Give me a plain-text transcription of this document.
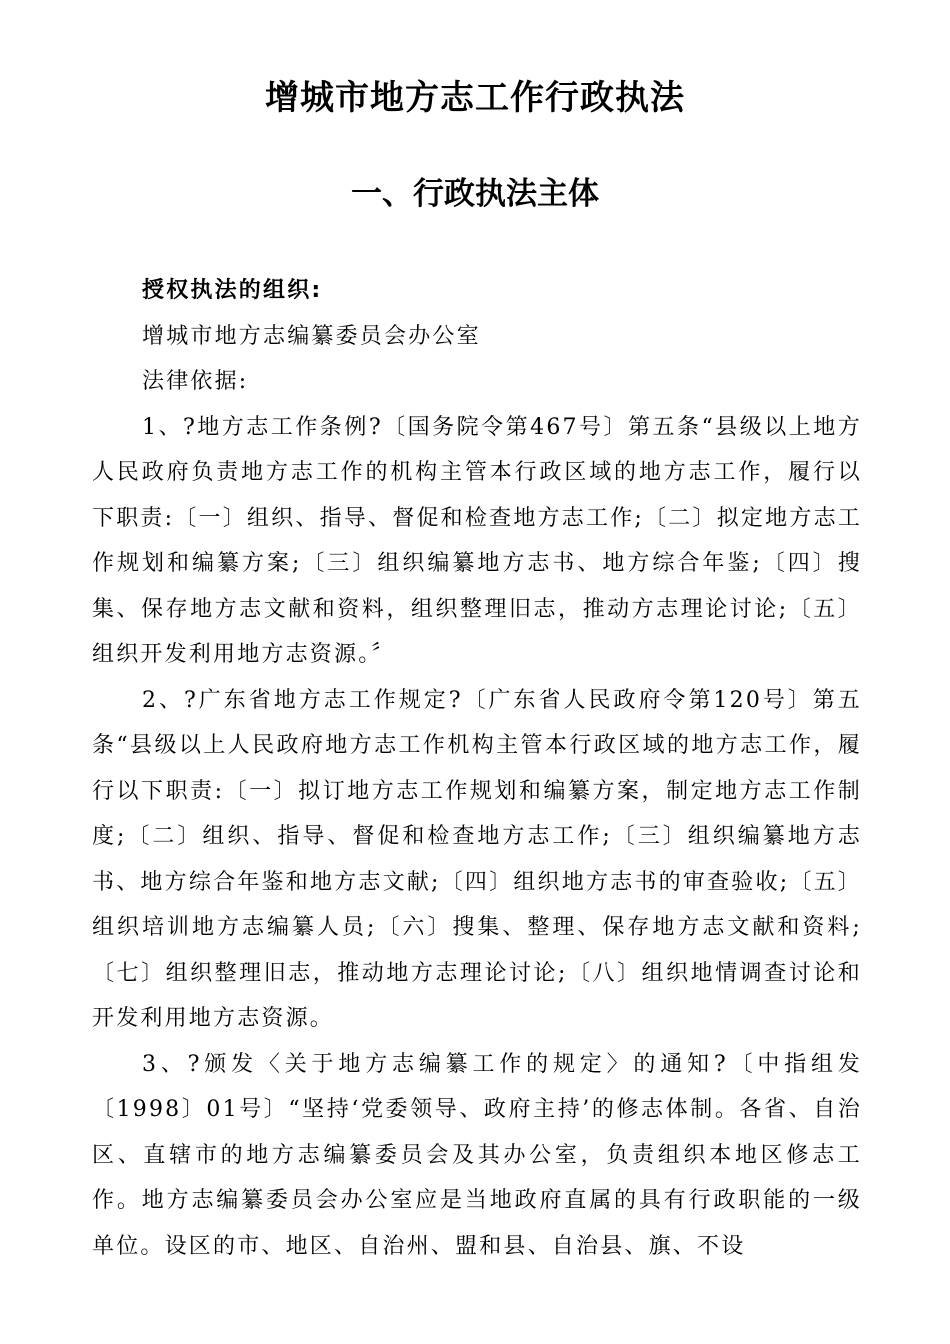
增城市地方志工作行政执法
一、行政执法主体

授权执法的组织:

增城市地方志编纂委员会办公室

法律依据:

1、?地方志工作条例?〔国务院令第467号〕第五条“县级以上地方人民政府负责地方志工作的机构主管本行政区域的地方志工作，履行以下职责:〔一〕组织、指导、督促和检查地方志工作;〔二〕拟定地方志工作规划和编纂方案;〔三〕组织编纂地方志书、地方综合年鉴;〔四〕搜集、保存地方志文献和资料，组织整理旧志，推动方志理论讨论;〔五〕组织开发利用地方志资源。〞

2、?广东省地方志工作规定?〔广东省人民政府令第120号〕第五条“县级以上人民政府地方志工作机构主管本行政区域的地方志工作，履行以下职责:〔一〕拟订地方志工作规划和编纂方案，制定地方志工作制度;〔二〕组织、指导、督促和检查地方志工作;〔三〕组织编纂地方志书、地方综合年鉴和地方志文献;〔四〕组织地方志书的审查验收;〔五〕组织培训地方志编纂人员;〔六〕搜集、整理、保存地方志文献和资料;〔七〕组织整理旧志，推动地方志理论讨论;〔八〕组织地情调查讨论和开发利用地方志资源。

3、?颁发〈关于地方志编纂工作的规定〉的通知?〔中指组发〔1998〕01号〕“坚持‘党委领导、政府主持’的修志体制。各省、自治区、直辖市的地方志编纂委员会及其办公室，负责组织本地区修志工作。地方志编纂委员会办公室应是当地政府直属的具有行政职能的一级单位。设区的市、地区、自治州、盟和县、自治县、旗、不设
